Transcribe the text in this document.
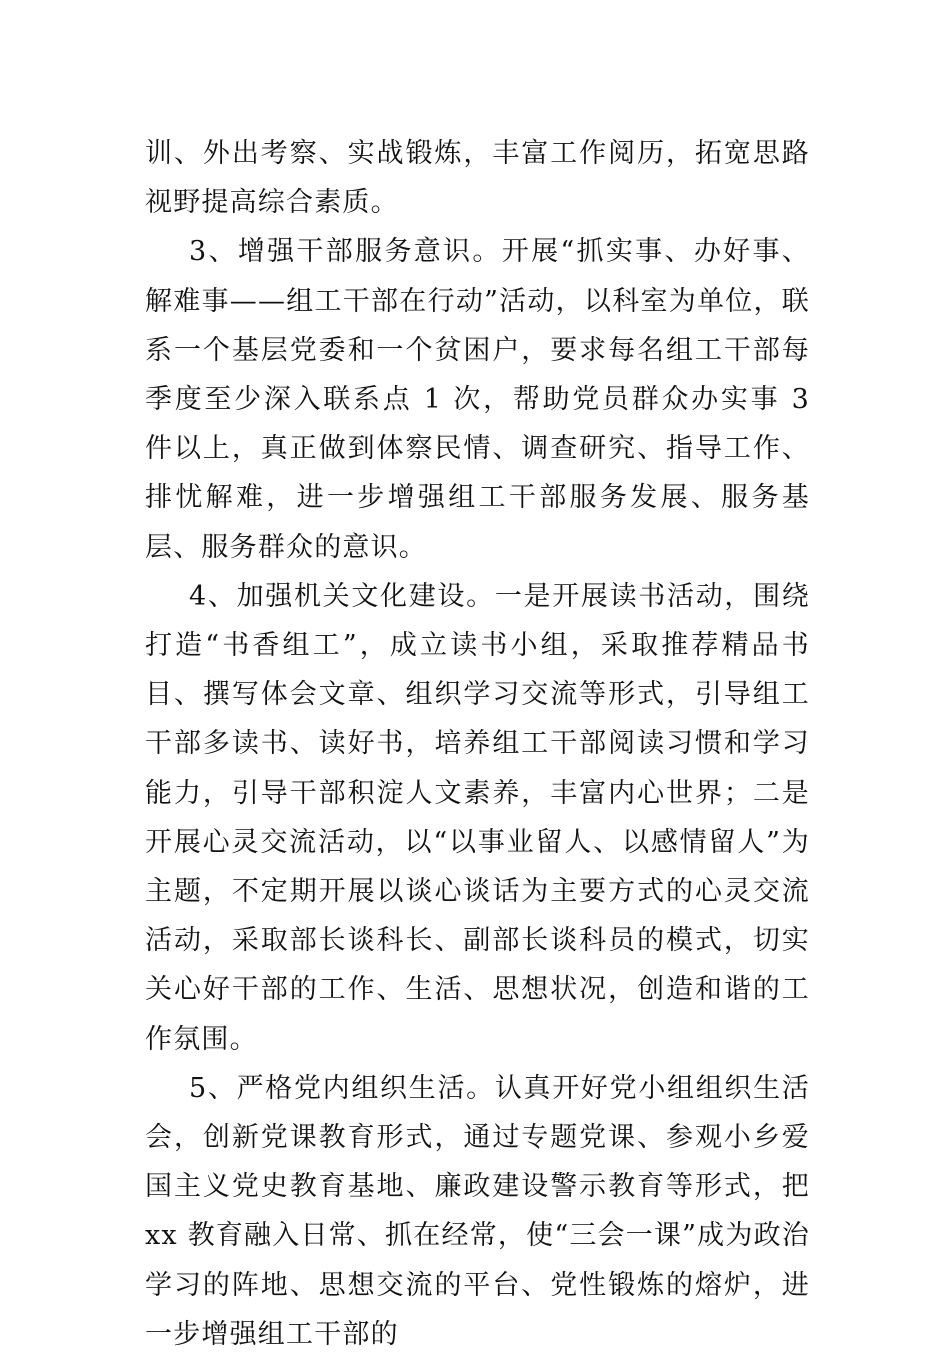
训、外出考察、实战锻炼，丰富工作阅历，拓宽思路视野提高综合素质。

3、增强干部服务意识。开展“抓实事、办好事、解难事——组工干部在行动”活动，以科室为单位，联系一个基层党委和一个贫困户，要求每名组工干部每季度至少深入联系点 1 次，帮助党员群众办实事 3 件以上，真正做到体察民情、调查研究、指导工作、排忧解难，进一步增强组工干部服务发展、服务基层、服务群众的意识。

4、加强机关文化建设。一是开展读书活动，围绕打造“书香组工”，成立读书小组，采取推荐精品书目、撰写体会文章、组织学习交流等形式，引导组工干部多读书、读好书，培养组工干部阅读习惯和学习能力，引导干部积淀人文素养，丰富内心世界；二是开展心灵交流活动，以“以事业留人、以感情留人”为主题，不定期开展以谈心谈话为主要方式的心灵交流活动，采取部长谈科长、副部长谈科员的模式，切实关心好干部的工作、生活、思想状况，创造和谐的工作氛围。

5、严格党内组织生活。认真开好党小组组织生活会，创新党课教育形式，通过专题党课、参观小乡爱国主义党史教育基地、廉政建设警示教育等形式，把 xx 教育融入日常、抓在经常，使“三会一课”成为政治学习的阵地、思想交流的平台、党性锻炼的熔炉，进一步增强组工干部的
